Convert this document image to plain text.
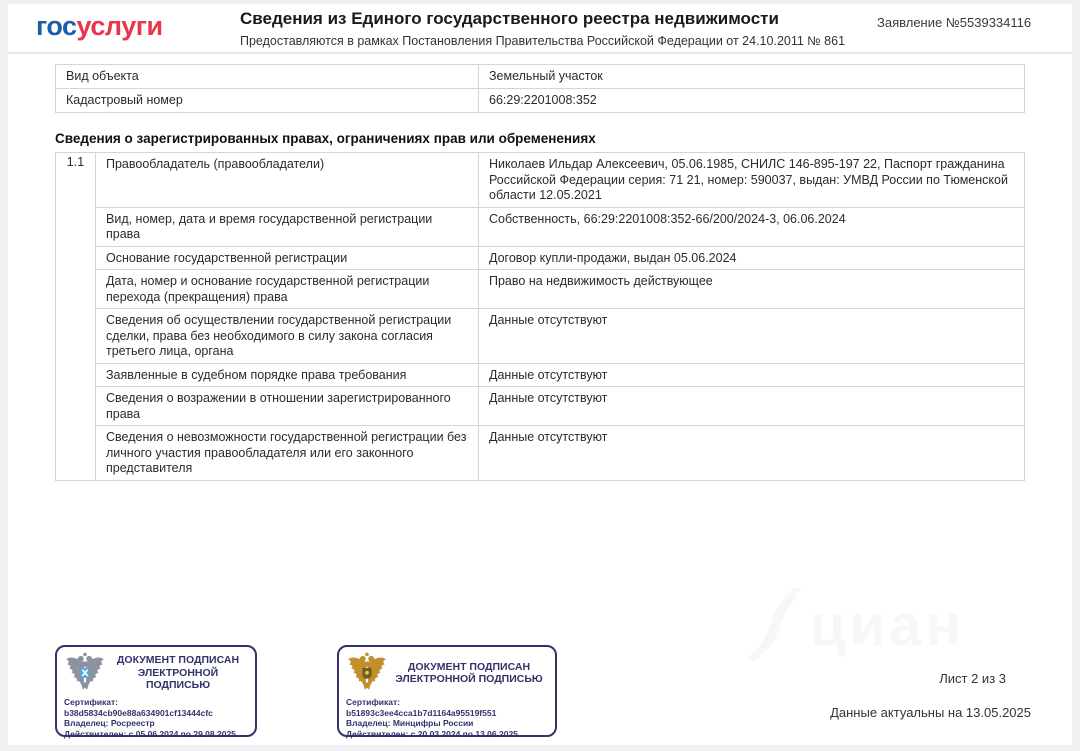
госуслуги	Сведения из Единого государственного реестра недвижимости
Предоставляются в рамках Постановления Правительства Российской Федерации от 24.10.2011 № 861
Заявление №5539334116
Вид объекта	Земельный участок
Кадастровый номер	66:29:2201008:352
Сведения о зарегистрированных правах, ограничениях прав или обременениях
1.1	Правообладатель (правообладатели)	Николаев Ильдар Алексеевич, 05.06.1985, СНИЛС 146-895-197 22, Паспорт гражданина Российской Федерации серия: 71 21, номер: 590037, выдан: УМВД России по Тюменской области 12.05.2021
	Вид, номер, дата и время государственной регистрации права	Собственность, 66:29:2201008:352-66/200/2024-3, 06.06.2024
	Основание государственной регистрации	Договор купли-продажи, выдан 05.06.2024
	Дата, номер и основание государственной регистрации перехода (прекращения) права	Право на недвижимость действующее
	Сведения об осуществлении государственной регистрации сделки, права без необходимого в силу закона согласия третьего лица, органа	Данные отсутствуют
	Заявленные в судебном порядке права требования	Данные отсутствуют
	Сведения о возражении в отношении зарегистрированного права	Данные отсутствуют
	Сведения о невозможности государственной регистрации без личного участия правообладателя или его законного представителя	Данные отсутствуют
ДОКУМЕНТ ПОДПИСАН ЭЛЕКТРОННОЙ ПОДПИСЬЮ
Сертификат: b38d5834cb90e88a634901cf13444cfc
Владелец: Росреестр
Действителен: с 05.06.2024 по 29.08.2025
ДОКУМЕНТ ПОДПИСАН ЭЛЕКТРОННОЙ ПОДПИСЬЮ
Сертификат: b51893c3ee4cca1b7d1164a95519f551
Владелец: Минцифры России
Действителен: с 20.03.2024 по 13.06.2025
Лист 2 из 3
Данные актуальны на 13.05.2025
